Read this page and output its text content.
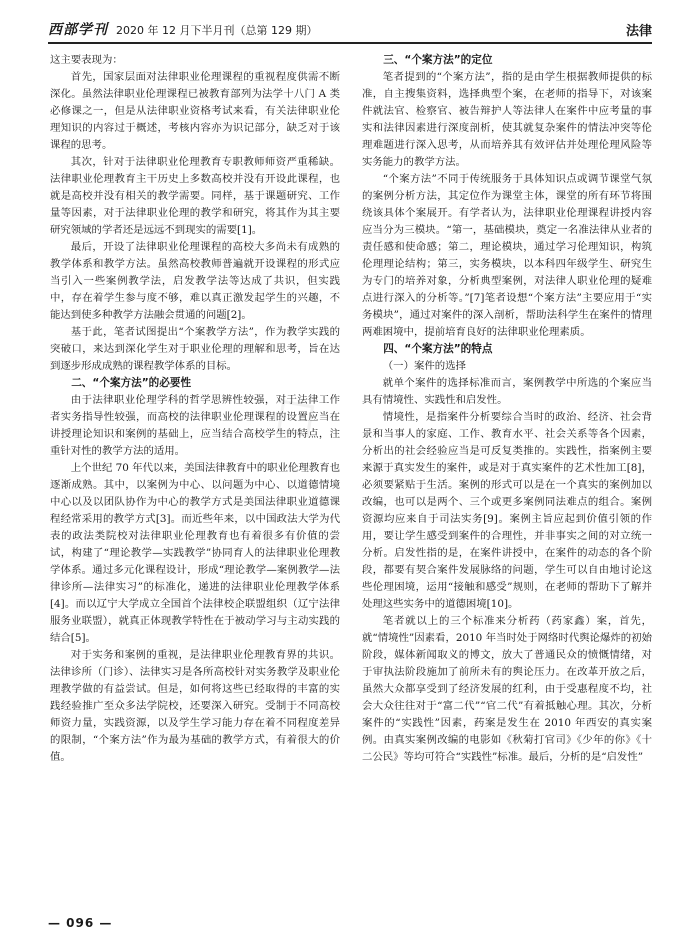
西部学刊 2020 年 12 月下半月刊（总第 129 期）	法律
◇

这主要表现为：

首先，国家层面对法律职业伦理课程的重视程度供需不断深化。虽然法律职业伦理课程已被教育部列为法学十八门 A 类必修课之一，但是从法律职业资格考试来看，有关法律职业伦理知识的内容过于概述，考核内容亦为识记部分，缺乏对于该课程的思考。

其次，针对于法律职业伦理教育专职教师师资严重稀缺。法律职业伦理教育主干历史上多数高校并没有开设此课程，也就是高校并没有相关的教学需要。同样，基于课题研究、工作量等因素，对于法律职业伦理的教学和研究，将其作为其主要研究领域的学者还是远远不到现实的需要[1]。

最后，开设了法律职业伦理课程的高校大多尚未有成熟的教学体系和教学方法。虽然高校教师普遍就开设课程的形式应当引入一些案例教学法，启发教学法等达成了共识，但实践中，存在着学生参与度不够，难以真正激发起学生的兴趣，不能达到使多种教学方法融会贯通的问题[2]。

基于此，笔者试图提出“个案教学方法”，作为教学实践的突破口，来达到深化学生对于职业伦理的理解和思考，旨在达到逐步形成成熟的课程教学体系的目标。

二、“个案方法”的必要性

由于法律职业伦理学科的哲学思辨性较强，对于法律工作者实务指导性较强，而高校的法律职业伦理课程的设置应当在讲授理论知识和案例的基础上，应当结合高校学生的特点，注重针对性的教学方法的适用。

上个世纪 70 年代以来，美国法律教育中的职业伦理教育也逐渐成熟。其中，以案例为中心、以问题为中心、以道德情境中心以及以团队协作为中心的教学方式是美国法律职业道德课程经常采用的教学方式[3]。而近些年来，以中国政法大学为代表的政法类院校对法律职业伦理教育也有着很多有价值的尝试，构建了“理论教学—实践教学”协同育人的法律职业伦理教学体系。通过多元化课程设计，形成“理论教学—案例教学—法律诊所—法律实习”的标准化，递进的法律职业伦理教学体系[4]。而以辽宁大学成立全国首个法律校企联盟组织（辽宁法律服务业联盟），就真正体现教学特性在于被动学习与主动实践的结合[5]。

对于实务和案例的重视，是法律职业伦理教育界的共识。法律诊所（门诊）、法律实习是各所高校针对实务教学及职业伦理教学做的有益尝试。但是，如何将这些已经取得的丰富的实践经验推广至众多法学院校，还要深入研究。受制于不同高校师资力量，实践资源，以及学生学习能力存在着不同程度差异的限制，“个案方法”作为最为基础的教学方式，有着很大的价值。

三、“个案方法”的定位

笔者提到的“个案方法”，指的是由学生根据教师提供的标准，自主搜集资料，选择典型个案，在老师的指导下，对该案件就法官、检察官、被告辩护人等法律人在案件中应考量的事实和法律因素进行深度剖析，使其就复杂案件的情法冲突等伦理难题进行深入思考，从而培养其有效评估并处理伦理风险等实务能力的教学方法。

“个案方法”不同于传统服务于具体知识点或调节课堂气氛的案例分析方法，其定位作为课堂主体，课堂的所有环节将围绕该具体个案展开。有学者认为，法律职业伦理课程讲授内容应当分为三模块。“第一，基础模块，奠定一名准法律从业者的责任感和使命感；第二，理论模块，通过学习伦理知识，构筑伦理理论结构；第三，实务模块，以本科四年级学生、研究生为专门的培养对象，分析典型案例，对法律人职业伦理的疑难点进行深入的分析等。”[7]笔者设想“个案方法”主要应用于“实务模块”，通过对案件的深入剖析，帮助法科学生在案件的情理两难困境中，提前培育良好的法律职业伦理素质。

四、“个案方法”的特点
（一）案件的选择

就单个案件的选择标准而言，案例教学中所选的个案应当具有情境性、实践性和启发性。

情境性，是指案件分析要综合当时的政治、经济、社会背景和当事人的家庭、工作、教育水平、社会关系等各个因素，分析出的社会经验应当是可反复类推的。实践性，指案例主要来源于真实发生的案件，或是对于真实案件的艺术性加工[8]，必须要紧贴于生活。案例的形式可以是在一个真实的案例加以改编，也可以是两个、三个或更多案例同法难点的组合。案例资源均应来自于司法实务[9]。案例主旨应起到价值引领的作用，要让学生感受到案件的合理性，并非事实之间的对立统一分析。启发性指的是，在案件讲授中，在案件的动态的各个阶段，都要有契合案件发展脉络的问题，学生可以自由地讨论这些伦理困境，运用“接触和感受”规则，在老师的帮助下了解并处理这些实务中的道德困境[10]。

笔者就以上的三个标准来分析药（药家鑫）案，首先，就“情境性”因素看，2010 年当时处于网络时代舆论爆炸的初始阶段，媒体新闻取义的博文，放大了普通民众的愤慨情绪，对于审执法阶段施加了前所未有的舆论压力。在改革开放之后，虽然大众都享受到了经济发展的红利，由于受惠程度不均，社会大众往往对于“富二代”“官二代”有着抵触心理。其次，分析案件的“实践性”因素，药案是发生在 2010 年西安的真实案例。由真实案例改编的电影如《秋菊打官司》《少年的你》《十二公民》等均可符合“实践性”标准。最后，分析的是“启发性”

— 096 —
